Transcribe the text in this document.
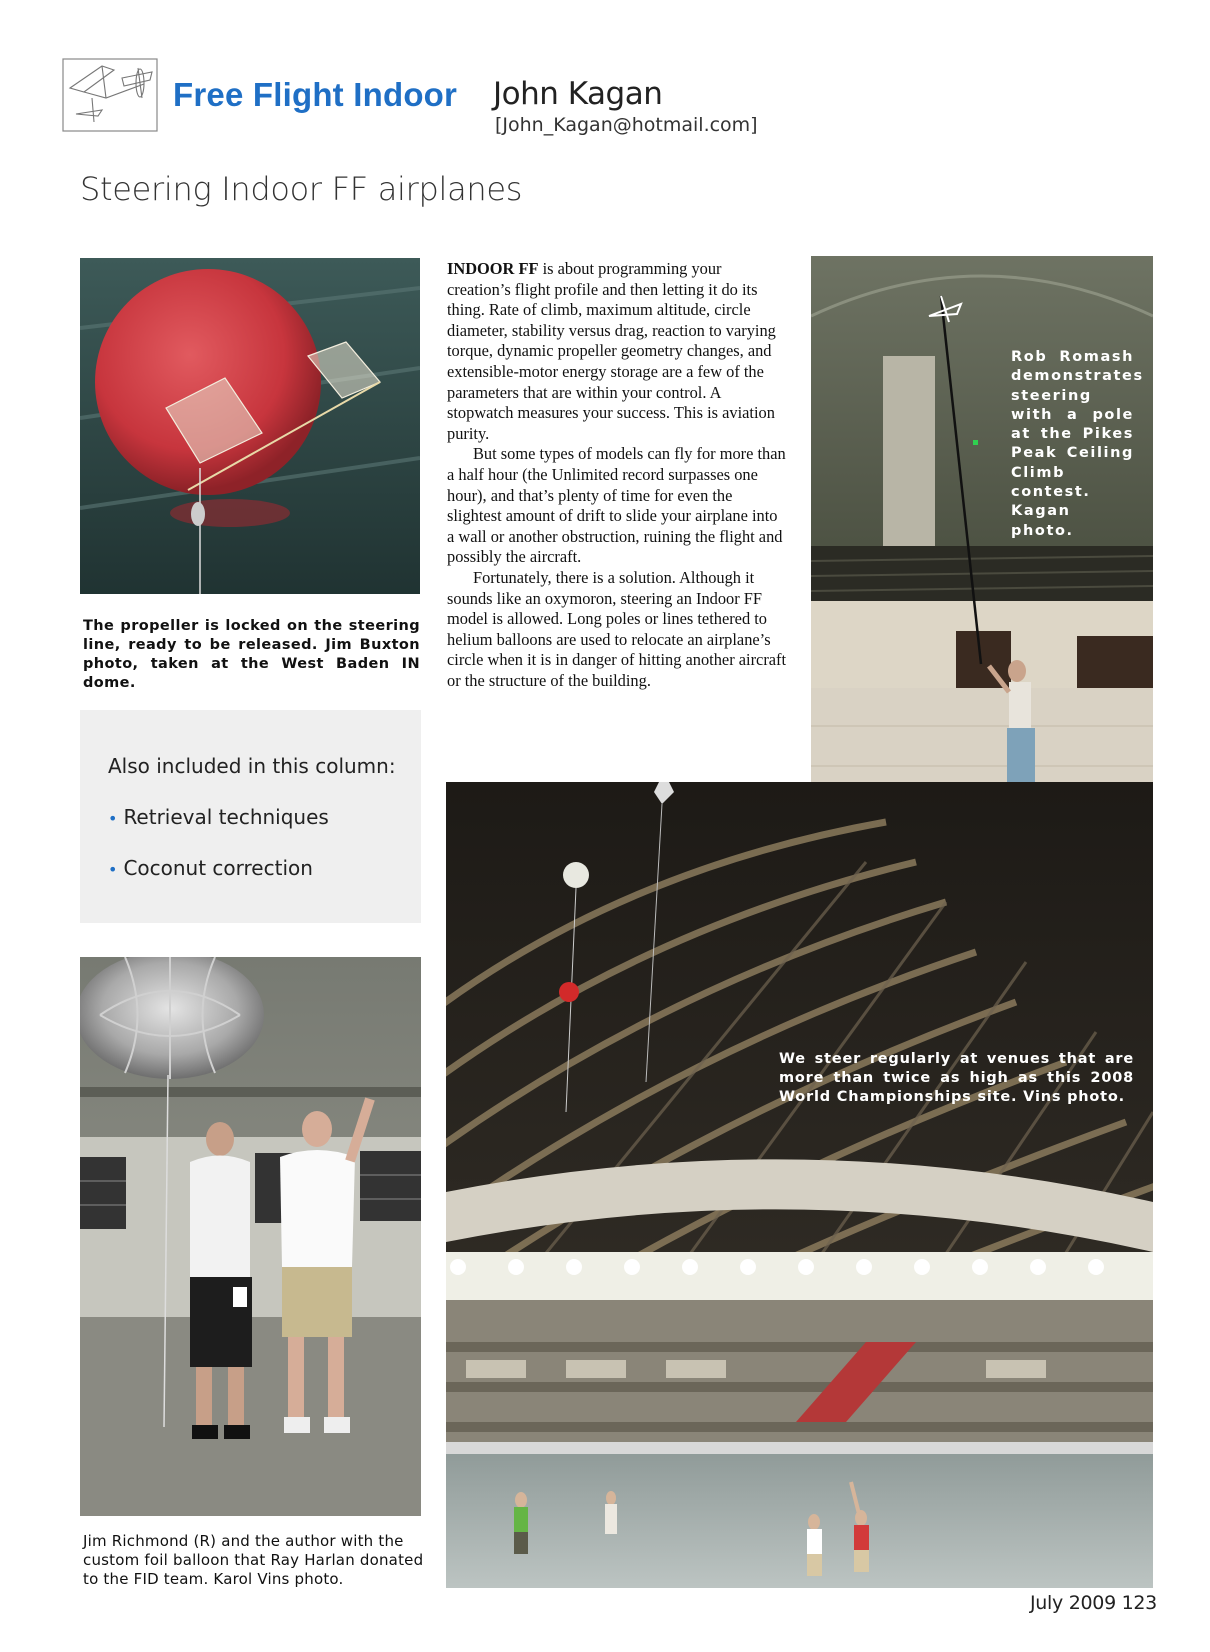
Free Flight Indoor John Kagan
[John_Kagan@hotmail.com]
Steering Indoor FF airplanes
The propeller is locked on the steering line, ready to be released. Jim Buxton photo, taken at the West Baden IN dome.
Also included in this column:
• Retrieval techniques
• Coconut correction

INDOOR FF is about programming your creation’s flight profile and then letting it do its thing. Rate of climb, maximum altitude, circle diameter, stability versus drag, reaction to varying torque, dynamic propeller geometry changes, and extensible-motor energy storage are a few of the parameters that are within your control. A stopwatch measures your success. This is aviation purity.

But some types of models can fly for more than a half hour (the Unlimited record surpasses one hour), and that’s plenty of time for even the slightest amount of drift to slide your airplane into a wall or another obstruction, ruining the flight and possibly the aircraft.

Fortunately, there is a solution. Although it sounds like an oxymoron, steering an Indoor FF model is allowed. Long poles or lines tethered to helium balloons are used to relocate an airplane’s circle when it is in danger of hitting another aircraft or the structure of the building.

Rob Romash demonstrates steering with a pole at the Pikes Peak Ceiling Climb contest. Kagan photo.
We steer regularly at venues that are more than twice as high as this 2008 World Championships site. Vins photo.
Jim Richmond (R) and the author with the custom foil balloon that Ray Harlan donated to the FID team. Karol Vins photo.
July 2009 123
